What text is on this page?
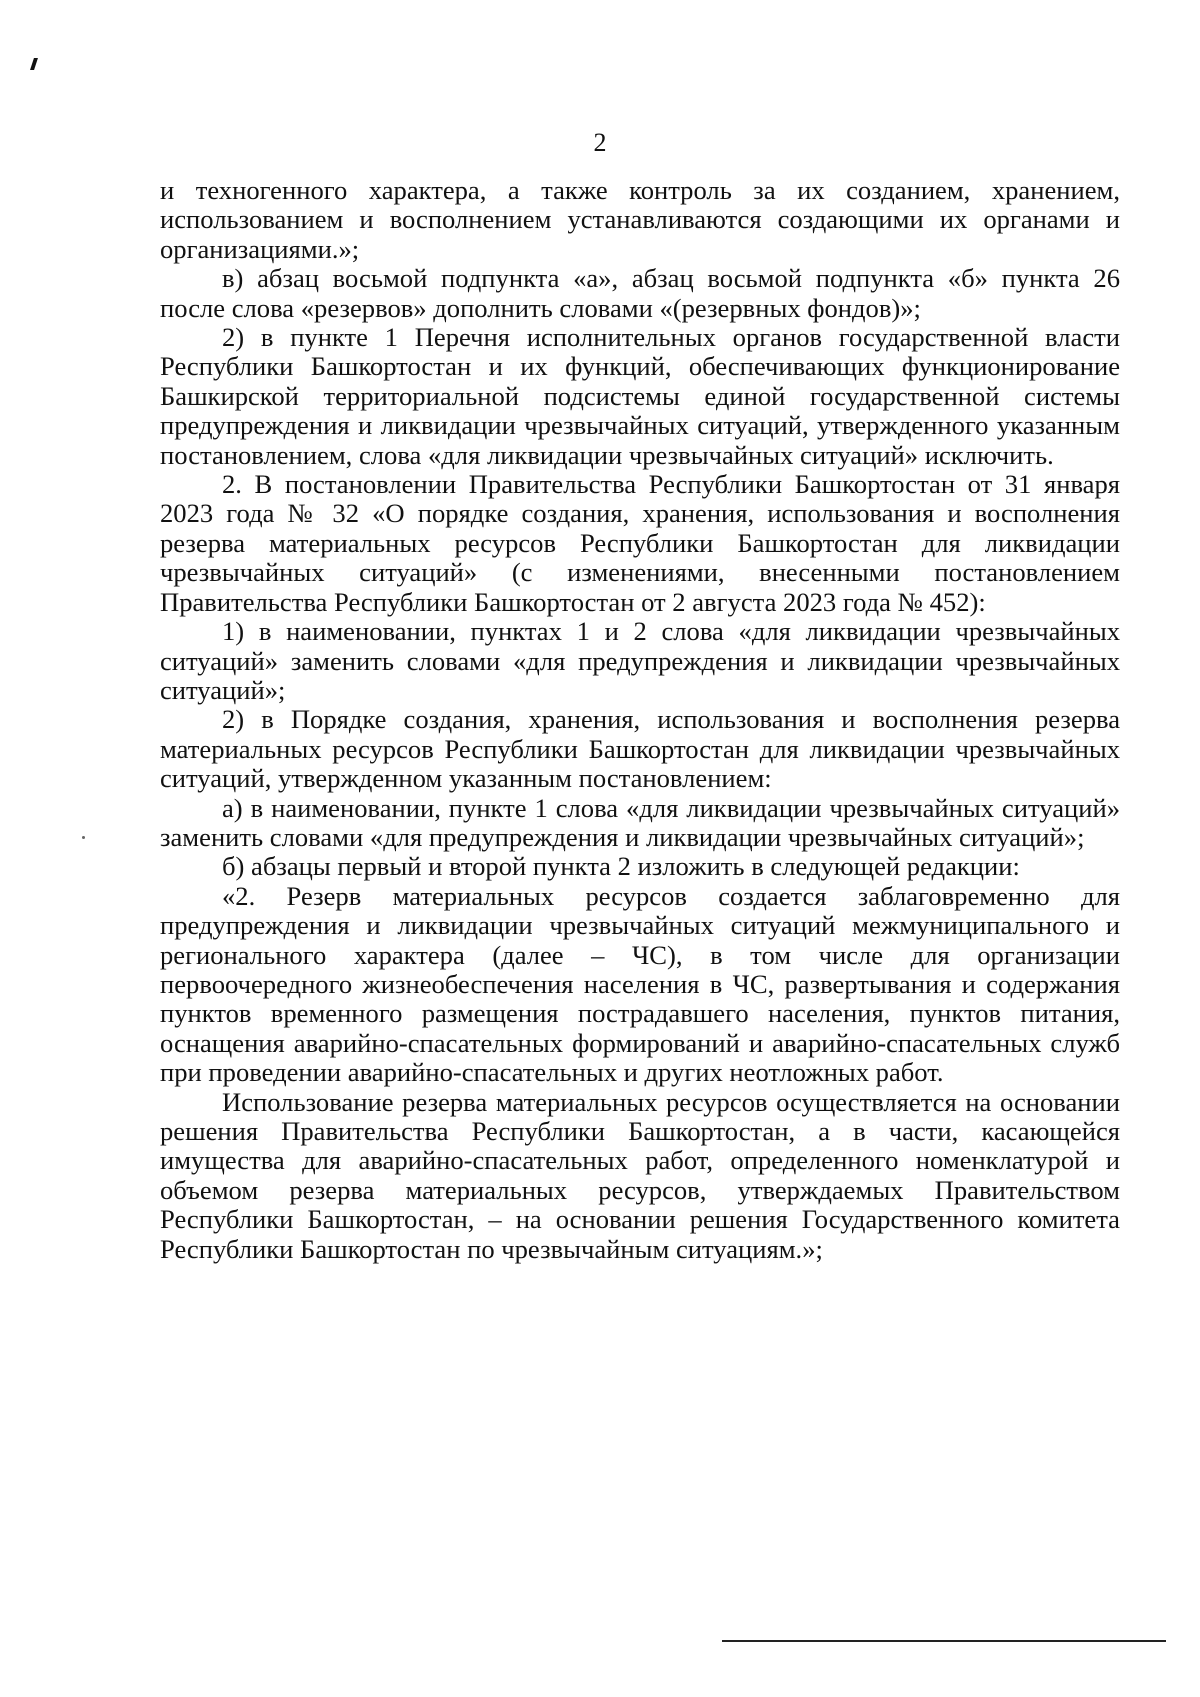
2

и техногенного характера, а также контроль за их созданием, хранением, использованием и восполнением устанавливаются создающими их органами и организациями.»;

в) абзац восьмой подпункта «а», абзац восьмой подпункта «б» пункта 26 после слова «резервов» дополнить словами «(резервных фондов)»;

2) в пункте 1 Перечня исполнительных органов государственной власти Республики Башкортостан и их функций, обеспечивающих функционирование Башкирской территориальной подсистемы единой государственной системы предупреждения и ликвидации чрезвычайных ситуаций, утвержденного указанным постановлением, слова «для ликвидации чрезвычайных ситуаций» исключить.

2. В постановлении Правительства Республики Башкортостан от 31 января 2023 года № 32 «О порядке создания, хранения, использования и восполнения резерва материальных ресурсов Республики Башкортостан для ликвидации чрезвычайных ситуаций» (с изменениями, внесенными постановлением Правительства Республики Башкортостан от 2 августа 2023 года № 452):

1) в наименовании, пунктах 1 и 2 слова «для ликвидации чрезвычайных ситуаций» заменить словами «для предупреждения и ликвидации чрезвычайных ситуаций»;

2) в Порядке создания, хранения, использования и восполнения резерва материальных ресурсов Республики Башкортостан для ликвидации чрезвычайных ситуаций, утвержденном указанным постановлением:

а) в наименовании, пункте 1 слова «для ликвидации чрезвычайных ситуаций» заменить словами «для предупреждения и ликвидации чрезвычайных ситуаций»;

б) абзацы первый и второй пункта 2 изложить в следующей редакции:

«2. Резерв материальных ресурсов создается заблаговременно для предупреждения и ликвидации чрезвычайных ситуаций межмуниципального и регионального характера (далее – ЧС), в том числе для организации первоочередного жизнеобеспечения населения в ЧС, развертывания и содержания пунктов временного размещения пострадавшего населения, пунктов питания, оснащения аварийно-спасательных формирований и аварийно-спасательных служб при проведении аварийно-спасательных и других неотложных работ.

Использование резерва материальных ресурсов осуществляется на основании решения Правительства Республики Башкортостан, а в части, касающейся имущества для аварийно-спасательных работ, определенного номенклатурой и объемом резерва материальных ресурсов, утверждаемых Правительством Республики Башкортостан, – на основании решения Государственного комитета Республики Башкортостан по чрезвычайным ситуациям.»;
